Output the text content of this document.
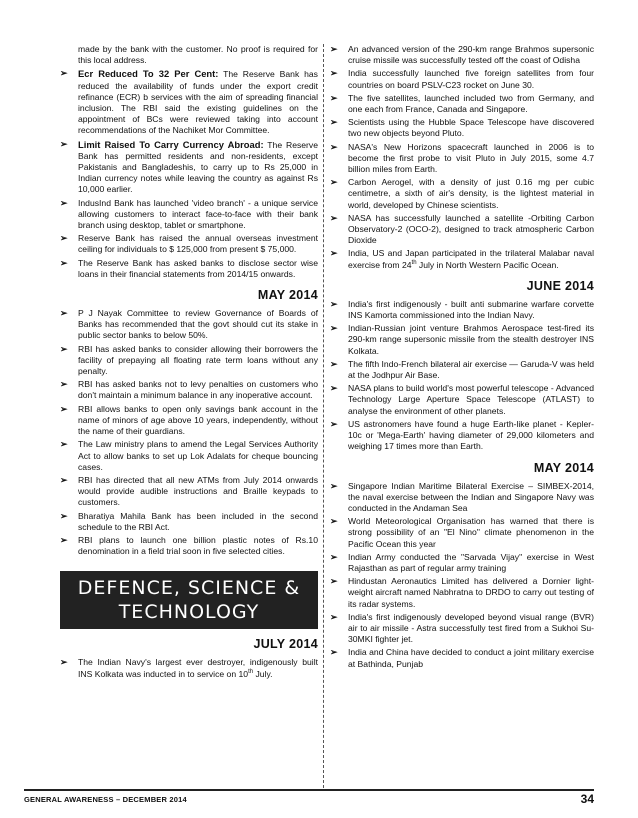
made by the bank with the customer. No proof is required for this local address.
➢ Ecr Reduced To 32 Per Cent: The Reserve Bank has reduced the availability of funds under the export credit refinance (ECR) b services with the aim of spreading financial inclusion. The RBI said the existing guidelines on the appointment of BCs were reviewed taking into account recommendations of the Nachiket Mor Committee.
➢ Limit Raised To Carry Currency Abroad: The Reserve Bank has permitted residents and non-residents, except Pakistanis and Bangladeshis, to carry up to Rs 25,000 in Indian currency notes while leaving the country as against Rs 10,000 earlier.
➢ IndusInd Bank has launched 'video branch' - a unique service allowing customers to interact face-to-face with their bank branch using desktop, tablet or smartphone.
➢ Reserve Bank has raised the annual overseas investment ceiling for individuals to $ 125,000 from present $ 75,000.
➢ The Reserve Bank has asked banks to disclose sector wise loans in their financial statements from 2014/15 onwards.
MAY 2014
➢ P J Nayak Committee to review Governance of Boards of Banks has recommended that the govt should cut its stake in public sector banks to below 50%.
➢ RBI has asked banks to consider allowing their borrowers the facility of prepaying all floating rate term loans without any penalty.
➢ RBI has asked banks not to levy penalties on customers who don't maintain a minimum balance in any inoperative account.
➢ RBI allows banks to open only savings bank account in the name of minors of age above 10 years, independently, without the name of their guardians.
➢ The Law ministry plans to amend the Legal Services Authority Act to allow banks to set up Lok Adalats for cheque bouncing cases.
➢ RBI has directed that all new ATMs from July 2014 onwards would provide audible instructions and Braille keypads to customers.
➢ Bharatiya Mahila Bank has been included in the second schedule to the RBI Act.
➢ RBI plans to launch one billion plastic notes of Rs.10 denomination in a field trial soon in five selected cities.
DEFENCE, SCIENCE & TECHNOLOGY
JULY 2014
➢ The Indian Navy's largest ever destroyer, indigenously built INS Kolkata was inducted in to service on 10th July.
➢ An advanced version of the 290-km range Brahmos supersonic cruise missile was successfully tested off the coast of Odisha
➢ India successfully launched five foreign satellites from four countries on board PSLV-C23 rocket on June 30.
➢ The five satellites, launched included two from Germany, and one each from France, Canada and Singapore.
➢ Scientists using the Hubble Space Telescope have discovered two new objects beyond Pluto.
➢ NASA's New Horizons spacecraft launched in 2006 is to become the first probe to visit Pluto in July 2015, some 4.7 billion miles from Earth.
➢ Carbon Aerogel, with a density of just 0.16 mg per cubic centimetre, a sixth of air's density, is the lightest material in world, developed by Chinese scientists.
➢ NASA has successfully launched a satellite -Orbiting Carbon Observatory-2 (OCO-2), designed to track atmospheric Carbon Dioxide
➢ India, US and Japan participated in the trilateral Malabar naval exercise from 24th July in North Western Pacific Ocean.
JUNE 2014
➢ India's first indigenously - built anti submarine warfare corvette INS Kamorta commissioned into the Indian Navy.
➢ Indian-Russian joint venture Brahmos Aerospace test-fired its 290-km range supersonic missile from the stealth destroyer INS Kolkata.
➢ The fifth Indo-French bilateral air exercise — Garuda-V was held at the Jodhpur Air Base.
➢ NASA plans to build world's most powerful telescope - Advanced Technology Large Aperture Space Telescope (ATLAST) to analyse the environment of other planets.
➢ US astronomers have found a huge Earth-like planet - Kepler-10c or 'Mega-Earth' having diameter of 29,000 kilometers and weighing 17 times more than Earth.
MAY 2014
➢ Singapore Indian Maritime Bilateral Exercise – SIMBEX-2014, the naval exercise between the Indian and Singapore Navy was conducted in the Andaman Sea
➢ World Meteorological Organisation has warned that there is strong possibility of an "El Nino" climate phenomenon in the Pacific Ocean this year
➢ Indian Army conducted the "Sarvada Vijay" exercise in West Rajasthan as part of regular army training
➢ Hindustan Aeronautics Limited has delivered a Dornier light-weight aircraft named Nabhratna to DRDO to carry out testing of its radar systems.
➢ India's first indigenously developed beyond visual range (BVR) air to air missile - Astra successfully test fired from a Sukhoi Su-30MKI fighter jet.
➢ India and China have decided to conduct a joint military exercise at Bathinda, Punjab
GENERAL AWARENESS – DECEMBER 2014	34
